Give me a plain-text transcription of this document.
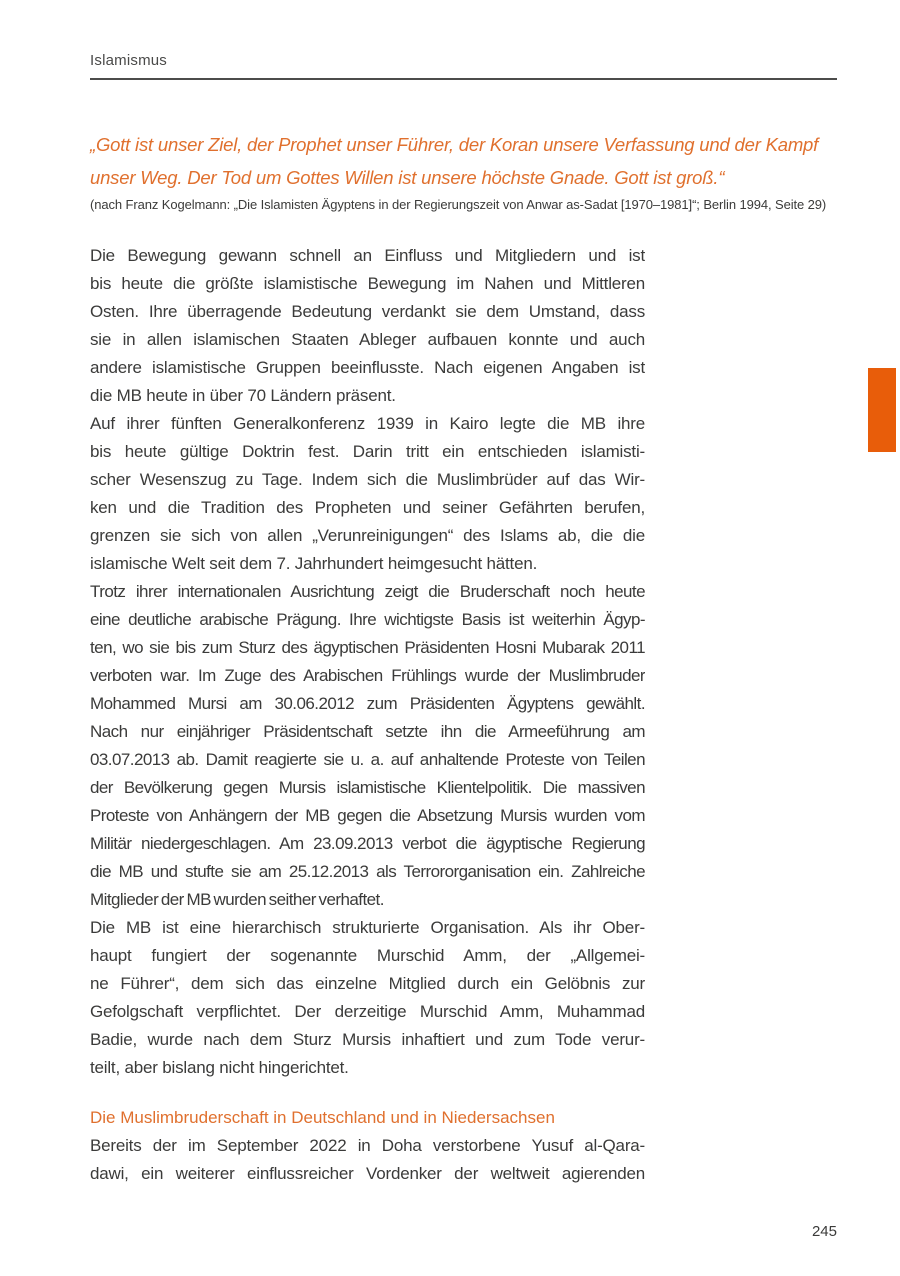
Islamismus
„Gott ist unser Ziel, der Prophet unser Führer, der Koran unsere Verfassung und der Kampf
unser Weg. Der Tod um Gottes Willen ist unsere höchste Gnade. Gott ist groß.“
(nach Franz Kogelmann: „Die Islamisten Ägyptens in der Regierungszeit von Anwar as-Sadat [1970–1981]“; Berlin 1994, Seite 29)
Die Bewegung gewann schnell an Einfluss und Mitgliedern und ist
bis heute die größte islamistische Bewegung im Nahen und Mittleren
Osten. Ihre überragende Bedeutung verdankt sie dem Umstand, dass
sie in allen islamischen Staaten Ableger aufbauen konnte und auch
andere islamistische Gruppen beeinflusste. Nach eigenen Angaben ist
die MB heute in über 70 Ländern präsent.
Auf ihrer fünften Generalkonferenz 1939 in Kairo legte die MB ihre
bis heute gültige Doktrin fest. Darin tritt ein entschieden islamisti-
scher Wesenszug zu Tage. Indem sich die Muslimbrüder auf das Wir-
ken und die Tradition des Propheten und seiner Gefährten berufen,
grenzen sie sich von allen „Verunreinigungen“ des Islams ab, die die
islamische Welt seit dem 7. Jahrhundert heimgesucht hätten.
Trotz ihrer internationalen Ausrichtung zeigt die Bruderschaft noch heute
eine deutliche arabische Prägung. Ihre wichtigste Basis ist weiterhin Ägyp-
ten, wo sie bis zum Sturz des ägyptischen Präsidenten Hosni Mubarak 2011
verboten war. Im Zuge des Arabischen Frühlings wurde der Muslimbruder
Mohammed Mursi am 30.06.2012 zum Präsidenten Ägyptens gewählt.
Nach nur einjähriger Präsidentschaft setzte ihn die Armeeführung am
03.07.2013 ab. Damit reagierte sie u. a. auf anhaltende Proteste von Teilen
der Bevölkerung gegen Mursis islamistische Klientelpolitik. Die massiven
Proteste von Anhängern der MB gegen die Absetzung Mursis wurden vom
Militär niedergeschlagen. Am 23.09.2013 verbot die ägyptische Regierung
die MB und stufte sie am 25.12.2013 als Terrororganisation ein. Zahlreiche
Mitglieder der MB wurden seither verhaftet.
Die MB ist eine hierarchisch strukturierte Organisation. Als ihr Ober-
haupt fungiert der sogenannte Murschid Amm, der „Allgemei-
ne Führer“, dem sich das einzelne Mitglied durch ein Gelöbnis zur
Gefolgschaft verpflichtet. Der derzeitige Murschid Amm, Muhammad
Badie, wurde nach dem Sturz Mursis inhaftiert und zum Tode verur-
teilt, aber bislang nicht hingerichtet.
Die Muslimbruderschaft in Deutschland und in Niedersachsen
Bereits der im September 2022 in Doha verstorbene Yusuf al-Qara-
dawi, ein weiterer einflussreicher Vordenker der weltweit agierenden
245
